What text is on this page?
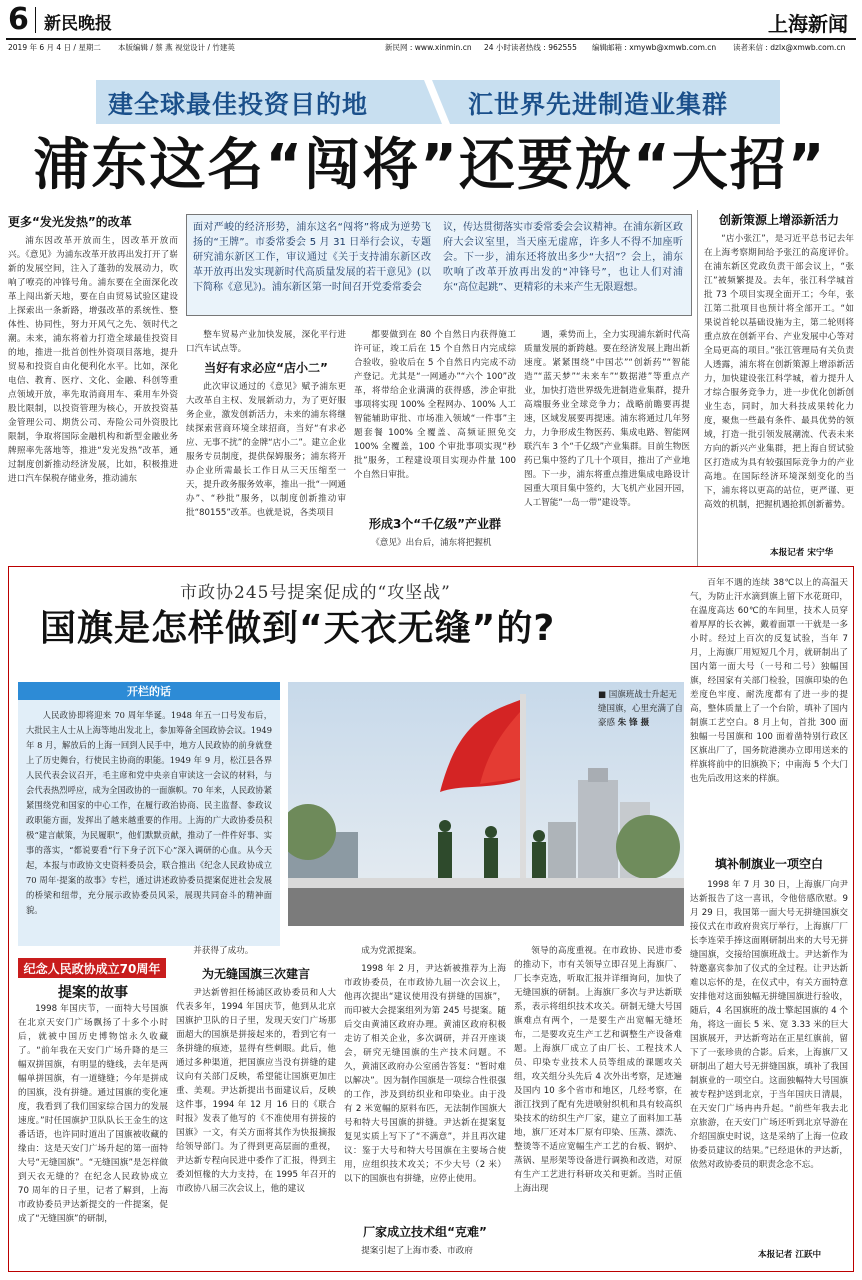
6 新民晚报	上海新闻
2019 年 6 月 4 日 / 星期二 本版编辑 / 蔡 燕 视觉设计 / 竹建英	新民网 : www.xinmin.cn 24 小时读者热线 : 962555 编辑邮箱 : xmywb@xmwb.com.cn 读者来信 : dzlx@xmwb.com.cn
建全球最佳投资目的地	汇世界先进制造业集群
浦东这名“闯将”还要放“大招”
更多“发光发热”的改革

浦东因改革开放而生，因改革开放而兴。《意见》为浦东改革开放再出发打开了崭新的发展空间，注入了蓬勃的发展动力，吹响了嘹亮的冲锋号角。浦东要在全面深化改革上闯出新天地，要在自由贸易试验区建设上探索出一条新路，增强改革的系统性、整体性、协同性，努力开风气之先、领时代之潮。未来，浦东将着力打造全球最佳投资目的地，推进一批首创性外资项目落地，提升贸易和投资自由化便利化水平。比如，深化电信、教育、医疗、文化、金融、科创等重点领域开放，率先取消商用车、乘用车外资股比限制，以投资管理为核心，开放投资基金管理公司、期货公司、寿险公司外资股比限制，争取将国际金融机构和新型金融业务牌照率先落地等，推进“发光发热”改革，通过制度创新推动经济发展，比如，积极推进进口汽车保税存储业务，推动浦东

面对严峻的经济形势，浦东这名“闯将”将成为逆势飞扬的“王牌”。市委常委会 5 月 31 日举行会议，专题研究浦东新区工作，审议通过《关于支持浦东新区改革开放再出发实现新时代高质量发展的若干意见》(以下简称《意见》)。浦东新区第一时间召开党委常委会
议，传达贯彻落实市委常委会会议精神。在浦东新区政府大会议室里，当天座无虚席，许多人不得不加座听会。下一步，浦东还将放出多少“大招”？会上，浦东吹响了改革开放再出发的“冲锋号”，也让人们对浦东“高位起跳”、更精彩的未来产生无限遐想。

整车贸易产业加快发展，深化平行进口汽车试点等。

当好有求必应“店小二”

此次审议通过的《意见》赋予浦东更大改革自主权、发展新动力，为了更好服务企业，激发创新活力，未来的浦东将继续探索营商环境全球招商，当好“有求必应、无事不扰”的金牌“店小二”。建立企业服务专员制度，提供保姆服务；浦东将开办企业所需最长工作日从三天压缩至一天，提升政务服务效率，推出一批“一网通办”、“秒批”服务，以制度创新推动审批“80155”改革。也就是说，各类项目

都要做到在 80 个自然日内获得施工许可证，竣工后在 15 个自然日内完成综合验收，验收后在 5 个自然日内完成不动产登记。尤其是“一网通办”“六个 100”改革，将带给企业满满的获得感，涉企审批事项将实现 100% 全程网办、100% 人工智能辅助审批、市场准入领域“一件事”主题套餐 100% 全覆盖、高频证照免交 100% 全覆盖，100 个审批事项实现“秒批”服务，工程建设项目实现办件量 100 个自然日审批。

形成3个“千亿级”产业群

《意见》出台后，浦东将把握机

遇，乘势而上，全力实现浦东新时代高质量发展的新跨越。要在经济发展上跑出新速度。紧紧围绕“中国芯”“创新药”“智能造”“蓝天梦”“未来车”“数据港”等重点产业，加快打造世界级先进制造业集群，提升高端服务业全球竞争力；战略前瞻要再提速，区域发展要再提速。浦东将通过几年努力，力争形成生物医药、集成电路、智能网联汽车 3 个“千亿级”产业集群。目前生物医药已集中签约了几十个项目，推出了产业地图。下一步，浦东将重点推进集成电路设计园重大项目集中签约，大飞机产业园开园，人工智能“一岛一带”建设等。

创新策源上增添新活力

“店小张江”，是习近平总书记去年在上海考察期间给予张江的高度评价。在浦东新区党政负责干部会议上，“张江”被频繁提及。去年，张江科学城首批 73 个项目实现全面开工；今年，张江第二批项目也预计将全部开工。“如果说首轮以基础设施为主，第二轮则将重点放在创新平台、产业发展中心等对全局更高的项目。”张江管理局有关负责人透露，浦东将在创新策源上增添新活力，加快建设张江科学城，着力提升人才综合服务竞争力，进一步优化创新创业生态，同时，加大科技成果转化力度，聚焦一些最有条件、最具优势的领域，打造一批引领发展潮流、代表未来方向的新兴产业集群，把上海自贸试验区打造成为具有较强国际竞争力的产业高地。在国际经济环境深刻变化的当下，浦东将以更高的站位，更严谨、更高效的机制，把握机遇抢抓创新蓄势。

本报记者 宋宁华
市政协245号提案促成的“攻坚战”
国旗是怎样做到“天衣无缝”的?
开栏的话
人民政协即将迎来 70 周年华诞。1948 年五一口号发布后，大批民主人士从上海等地出发北上，参加筹备全国政协会议。1949 年 8 月，解放后的上海一回到人民手中，地方人民政协的前身就登上了历史舞台，行使民主协商的职能。1949 年 9 月，松江县各界人民代表会议召开，毛主席和党中央亲自审读这一会议的材料，与会代表热烈呼应，成为全国政协的一面旗帜。70 年来，人民政协紧紧围绕党和国家的中心工作，在履行政治协商、民主监督、参政议政职能方面，发挥出了越来越重要的作用。上海的广大政协委员积极“建言献策，为民履职”，他们默默贡献，推动了一件件好事、实事的落实，“都说要看“行下身子沉下心”深入调研的心血。从今天起，本报与市政协文史资料委员会，联合推出《纪念人民政协成立 70 周年·提案的故事》专栏，通过讲述政协委员提案促进社会发展的桥梁和纽带，充分展示政协委员风采，展现共同奋斗的精神面貌。
■ 国旗班战士升起无缝国旗，心里充满了自豪感 朱 锋 摄
纪念人民政协成立70周年
提案的故事

1998 年国庆节，一面特大号国旗在北京天安门广场飘扬了十多个小时后，就被中国历史博物馆永久收藏了。“前年我在天安门广场升降的是三幅双拼国旗，有明显的缝线，去年是两幅单拼国旗，有一道缝缝；今年是拼成的国旗，没有拼缝。通过国旗的变化速度，我看到了我们国家综合国力的发展速度。”时任国旗护卫队队长王金生的这番话语，也许同时道出了国旗被收藏的缘由：这是天安门广场升起的第一面特大号“无缝国旗”。“无缝国旗”是怎样做到天衣无缝的？在纪念人民政协成立 70 周年的日子里，记者了解到，上海市政协委员尹达新提交的一件提案，促成了“无缝国旗”的研制，

并获得了成功。

为无缝国旗三次建言

尹达新曾担任杨浦区政协委员和人大代表多年，1994 年国庆节，他到从北京国旗护卫队的日子里，发现天安门广场那面超大的国旗是拼接起来的，看到它有一条拼缝的痕迹，显得有些刺眼。此后，他通过多种渠道，把国旗应当没有拼缝的建议向有关部门反映，希望能让国旗更加庄重、美观。尹达新提出书面建议后，反映这件事，1994 年 12 月 16 日的《联合时报》发表了他写的《不准使用有拼接的国旗》一文，有关方面将其作为快报摘报给领导部门。为了得到更高层面的重视，尹达新专程向民进中委作了汇报，得到主委刘恒椽的大力支持，在 1995 年召开的市政协八届三次会议上，他的建议

成为党派提案。

1998 年 2 月，尹达新被推荐为上海市政协委员，在市政协九届一次会议上，他再次提出“建议使用没有拼缝的国旗”，而印被大会提案组列为第 245 号提案。随后交由黄浦区政府办理。黄浦区政府积极走访了相关企业，多次调研，并召开座谈会，研究无缝国旗的生产技术问题。不久，黄浦区政府办公室函告答复：“暂时难以解决”。因为制作国旗是一项综合性很强的工作，涉及到纺织业和印染业。由于没有 2 米宽幅的原料布匹，无法制作国旗大号和特大号国旗的拼缝。尹达新在提案复复见实质上写下了“不满意”，并且再次建议：鉴于大号和特大号国旗在主要场合使用，应组织技术攻关；不少大号（2 米）以下的国旗也有拼缝，应停止使用。

厂家成立技术组“克难”

提案引起了上海市委、市政府

领导的高度重视。在市政协、民进市委的推动下，市有关领导立即召见上海旗厂、厂长李克选，听取汇报并详细询问，加快了无缝国旗的研制。上海旗厂多次与尹达新联系，表示将组织技术攻关。研制无缝大号国旗难点有两个，一是要生产出宽幅无缝坯布，二是要攻克生产工艺和调整生产设备难题。上海旗厂成立了由厂长、工程技术人员、印染专业技术人员等组成的课题攻关组，攻关组分头先后 4 次外出考察，足迹遍及国内 10 多个省市和地区，几经考察，在浙江找到了配有先进喷射织机和具有较高织染技术的纺织生产厂家，建立了面料加工基地，旗厂还对本厂原有印染、压蒸、漂洗、整烫等不适应宽幅生产工艺的台板、钢炉、蒸锅、星形架等设备进行调换和改造，对原有生产工艺进行科研攻关和更新。当时正值上海出现

百年不遇的连续 38℃以上的高温天气，为防止汗水滴到旗上留下水花斑印，在温度高达 60℃的车间里，技术人员穿着厚厚的长衣裤，戴着面罩一干就是一多小时。经过上百次的反复试验，当年 7 月，上海旗厂用短短几个月，就研制出了国内第一面大号（一号和二号）独幅国旗，经国家有关部门检验，国旗印染的色差度色牢度、耐洗度都有了进一步的提高，整体质量上了一个台阶，填补了国内制旗工艺空白。8 月上旬，首批 300 面独幅一号国旗和 100 面着凿特别行政区区旗出厂了，国务院港澳办立即用送来的样旗将前中的旧旗换下；中南海 5 个大门也先后改用这来的样旗。

填补制旗业一项空白

1998 年 7 月 30 日，上海旗厂向尹达新报告了这一喜讯，令他倍感欣慰。9 月 29 日，我国第一面大号无拼缝国旗交接仪式在市政府贵宾厅举行，上海旗厂厂长李连荣手捧这面刚研制出来的大号无拼缝国旗，交接给国旗班战士。尹达新作为特邀嘉宾参加了仪式的全过程。让尹达新难以忘怀的是，在仪式中，有关方面特意安排他对这面独幅无拼缝国旗进行验收，随后，4 名国旗班的战士擎起国旗的 4 个角，将这一面长 5 米、宽 3.33 米的巨大国旗展开，尹达新弯站在正星红旗前，留下了一张珍贵的合影。后来，上海旗厂又研制出了超大号无拼缝国旗，填补了我国制旗业的一项空白。这面独幅特大号国旗被专程护送到北京，于当年国庆日清晨，在天安门广场冉冉升起。“前些年我去北京旅游，在天安门广场还听到北京导游在介绍国旗史时说，这是采纳了上海一位政协委员建议的结果。”已经退休的尹达新，依然对政协委员的职责念念不忘。

本报记者 江跃中
